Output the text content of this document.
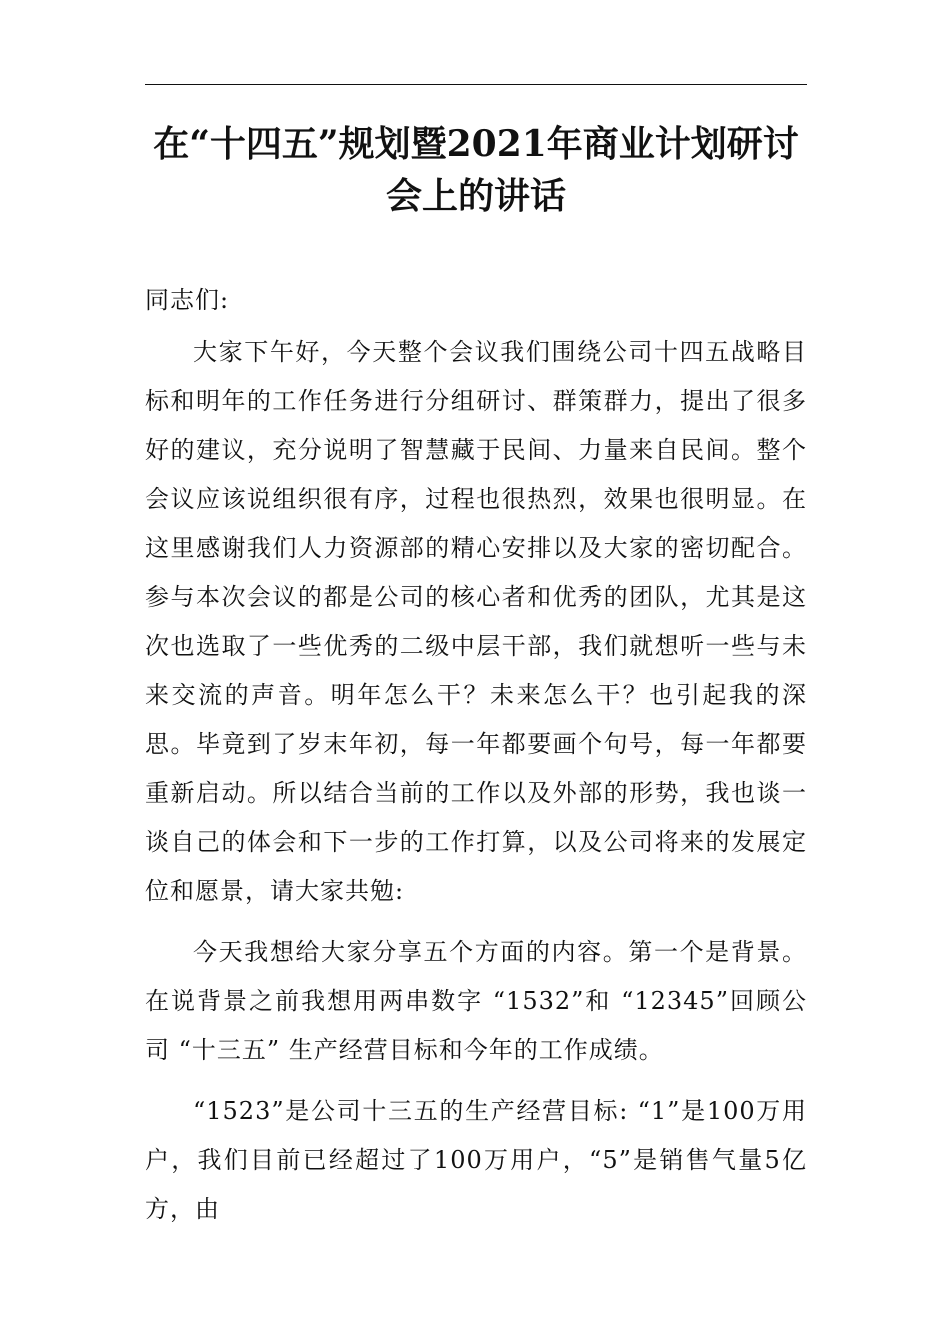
在“十四五”规划暨2021年商业计划研讨
会上的讲话

同志们:

大家下午好，今天整个会议我们围绕公司十四五战略目标和明年的工作任务进行分组研讨、群策群力，提出了很多好的建议，充分说明了智慧藏于民间、力量来自民间。整个会议应该说组织很有序，过程也很热烈，效果也很明显。在这里感谢我们人力资源部的精心安排以及大家的密切配合。参与本次会议的都是公司的核心者和优秀的团队，尤其是这次也选取了一些优秀的二级中层干部，我们就想听一些与未来交流的声音。明年怎么干？未来怎么干？也引起我的深思。毕竟到了岁末年初，每一年都要画个句号，每一年都要重新启动。所以结合当前的工作以及外部的形势，我也谈一谈自己的体会和下一步的工作打算，以及公司将来的发展定位和愿景，请大家共勉:

今天我想给大家分享五个方面的内容。第一个是背景。在说背景之前我想用两串数字 “1532”和 “12345”回顾公司 “十三五” 生产经营目标和今年的工作成绩。

“1523”是公司十三五的生产经营目标: “1”是100万用户，我们目前已经超过了100万用户，“5”是销售气量5亿方，由
